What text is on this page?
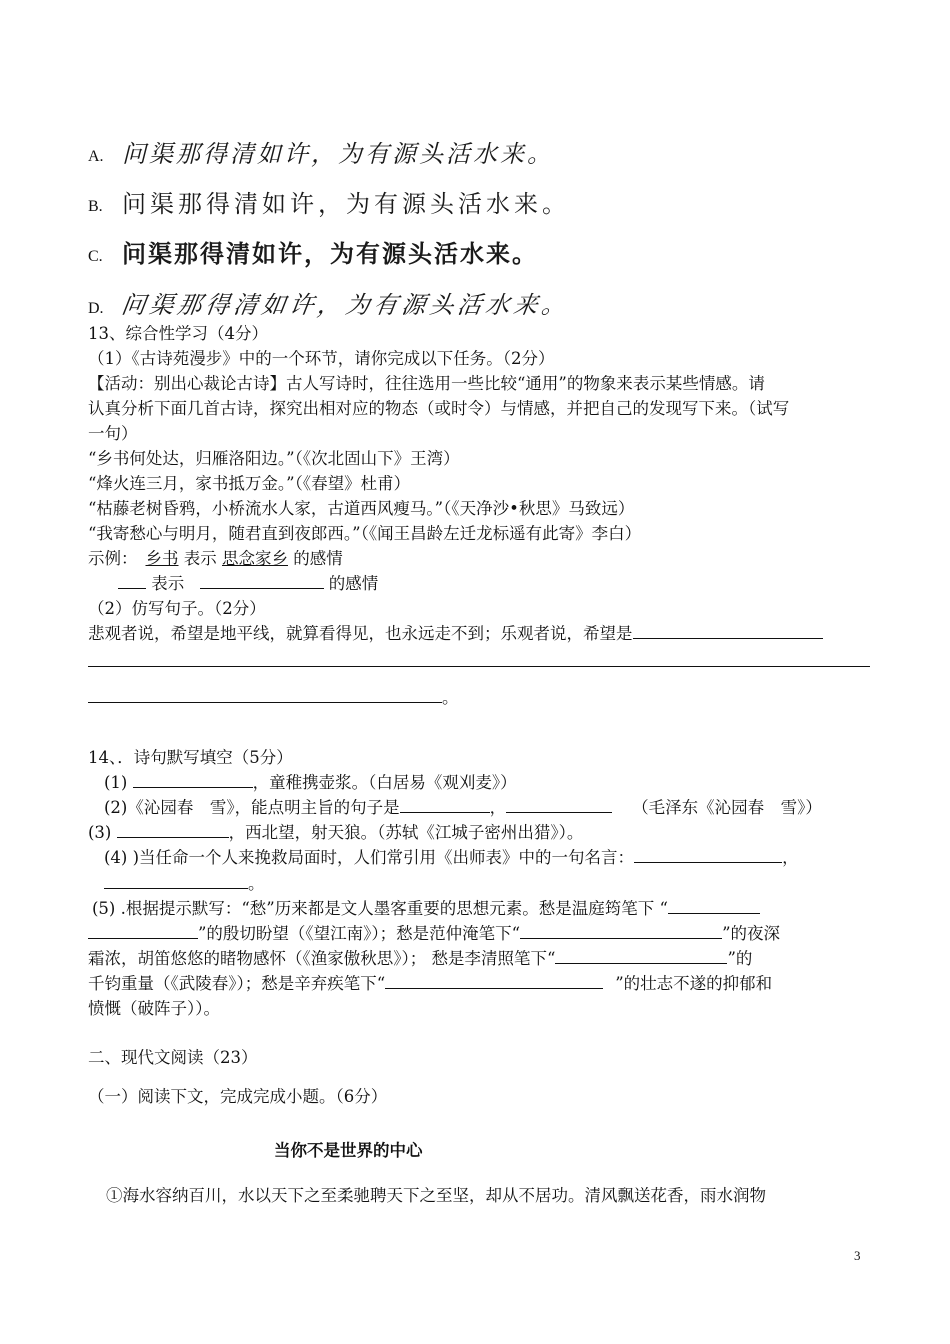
A. 问渠那得清如许，为有源头活水来。
B. 问渠那得清如许，为有源头活水来。
C. 问渠那得清如许，为有源头活水来。
D. 问渠那得清如许，为有源头活水来。
13、综合性学习（4分）
（1）《古诗苑漫步》中的一个环节，请你完成以下任务。（2分）
【活动：别出心裁论古诗】古人写诗时，往往选用一些比较“通用”的物象来表示某些情感。请
认真分析下面几首古诗，探究出相对应的物态（或时令）与情感，并把自己的发现写下来。（试写
一句）
“乡书何处达，归雁洛阳边。”（《次北固山下》王湾）
“烽火连三月，家书抵万金。”（《春望》杜甫）
“枯藤老树昏鸦，小桥流水人家，古道西风瘦马。”（《天净沙•秋思》马致远）
“我寄愁心与明月，随君直到夜郎西。”（《闻王昌龄左迁龙标遥有此寄》李白）
示例： 乡书 表示 思念家乡 的感情
表示	的感情
（2）仿写句子。（2分）
悲观者说，希望是地平线，就算看得见，也永远走不到；乐观者说，希望是
。
14、．诗句默写填空（5分）
(1)	，童稚携壶浆。（白居易《观刈麦》）
(2)《沁园春　雪》，能点明主旨的句子是	，	（毛泽东《沁园春　雪》）
(3)	，西北望，射天狼。（苏轼《江城子密州出猎》）。
(4) )当任命一个人来挽救局面时，人们常引用《出师表》中的一句名言：	，
。
(5) .根据提示默写：“愁”历来都是文人墨客重要的思想元素。愁是温庭筠笔下 “
”的殷切盼望（《望江南》）；愁是范仲淹笔下“	”的夜深
霜浓，胡笛悠悠的睹物感怀（《渔家傲秋思》）； 愁是李清照笔下“	”的
千钧重量（《武陵春》）；愁是辛弃疾笔下“	”的壮志不遂的抑郁和
愤慨（破阵子））。
二、现代文阅读（23）
（一）阅读下文，完成完成小题。（6分）
当你不是世界的中心
①海水容纳百川，水以天下之至柔驰聘天下之至坚，却从不居功。清风飘送花香，雨水润物
3
